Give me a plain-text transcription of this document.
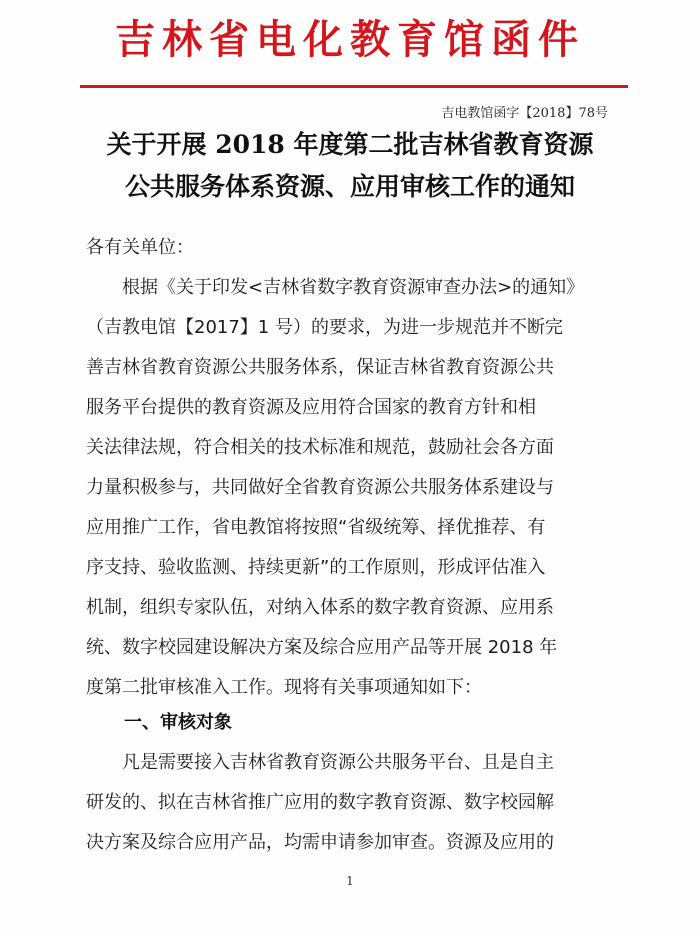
吉林省电化教育馆函件
吉电教馆函字【2018】78号
关于开展 2018 年度第二批吉林省教育资源
公共服务体系资源、应用审核工作的通知
各有关单位：
根据《关于印发<吉林省数字教育资源审查办法>的通知》
（吉教电馆【2017】1 号）的要求，为进一步规范并不断完
善吉林省教育资源公共服务体系，保证吉林省教育资源公共
服务平台提供的教育资源及应用符合国家的教育方针和相
关法律法规，符合相关的技术标准和规范，鼓励社会各方面
力量积极参与，共同做好全省教育资源公共服务体系建设与
应用推广工作，省电教馆将按照“省级统筹、择优推荐、有
序支持、验收监测、持续更新”的工作原则，形成评估准入
机制，组织专家队伍，对纳入体系的数字教育资源、应用系
统、数字校园建设解决方案及综合应用产品等开展 2018 年
度第二批审核准入工作。现将有关事项通知如下：
一、审核对象
凡是需要接入吉林省教育资源公共服务平台、且是自主
研发的、拟在吉林省推广应用的数字教育资源、数字校园解
决方案及综合应用产品，均需申请参加审查。资源及应用的
1
